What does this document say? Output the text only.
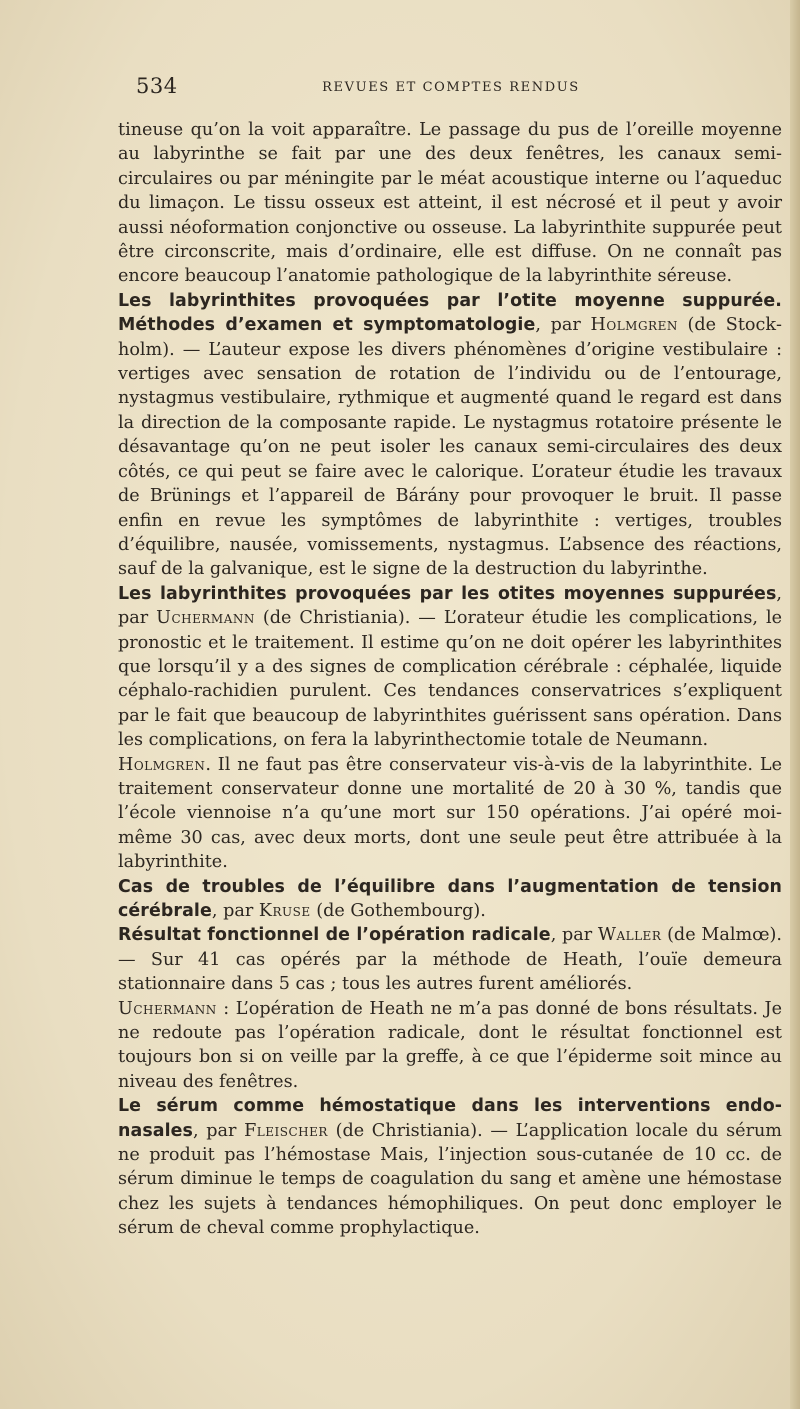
534	REVUES ET COMPTES RENDUS

tineuse qu’on la voit apparaître. Le passage du pus de l’oreille moyenne au labyrinthe se fait par une des deux fenêtres, les canaux semi-circulaires ou par méningite par le méat acoustique interne ou l’aqueduc du limaçon. Le tissu osseux est atteint, il est nécrosé et il peut y avoir aussi néoformation conjonctive ou osseuse. La labyrinthite suppurée peut être circonscrite, mais d’ordinaire, elle est diffuse. On ne connaît pas encore beaucoup l’anatomie pathologique de la labyrinthite séreuse.

Les labyrinthites provoquées par l’otite moyenne suppurée. Méthodes d’examen et symptomatologie, par Holmgren (de Stockholm). — L’auteur expose les divers phénomènes d’origine vestibulaire : vertiges avec sensation de rotation de l’individu ou de l’entourage, nystagmus vestibulaire, rythmique et augmenté quand le regard est dans la direction de la composante rapide. Le nystagmus rotatoire présente le désavantage qu’on ne peut isoler les canaux semi-circulaires des deux côtés, ce qui peut se faire avec le calorique. L’orateur étudie les travaux de Brünings et l’appareil de Bárány pour provoquer le bruit. Il passe enfin en revue les symptômes de labyrinthite : vertiges, troubles d’équilibre, nausée, vomissements, nystagmus. L’absence des réactions, sauf de la galvanique, est le signe de la destruction du labyrinthe.

Les labyrinthites provoquées par les otites moyennes suppurées, par Uchermann (de Christiania). — L’orateur étudie les complications, le pronostic et le traitement. Il estime qu’on ne doit opérer les labyrinthites que lorsqu’il y a des signes de complication cérébrale : céphalée, liquide céphalo-rachidien purulent. Ces tendances conservatrices s’expliquent par le fait que beaucoup de labyrinthites guérissent sans opération. Dans les complications, on fera la labyrinthectomie totale de Neumann.

Holmgren. Il ne faut pas être conservateur vis-à-vis de la labyrinthite. Le traitement conservateur donne une mortalité de 20 à 30 %, tandis que l’école viennoise n’a qu’une mort sur 150 opérations. J’ai opéré moi-même 30 cas, avec deux morts, dont une seule peut être attribuée à la labyrinthite.

Cas de troubles de l’équilibre dans l’augmentation de tension cérébrale, par Kruse (de Gothembourg).

Résultat fonctionnel de l’opération radicale, par Waller (de Malmœ). — Sur 41 cas opérés par la méthode de Heath, l’ouïe demeura stationnaire dans 5 cas ; tous les autres furent améliorés.

Uchermann : L’opération de Heath ne m’a pas donné de bons résultats. Je ne redoute pas l’opération radicale, dont le résultat fonctionnel est toujours bon si on veille par la greffe, à ce que l’épiderme soit mince au niveau des fenêtres.

Le sérum comme hémostatique dans les interventions endonasales, par Fleischer (de Christiania). — L’application locale du sérum ne produit pas l’hémostase Mais, l’injection sous-cutanée de 10 cc. de sérum diminue le temps de coagulation du sang et amène une hémostase chez les sujets à tendances hémophiliques. On peut donc employer le sérum de cheval comme prophylactique.
